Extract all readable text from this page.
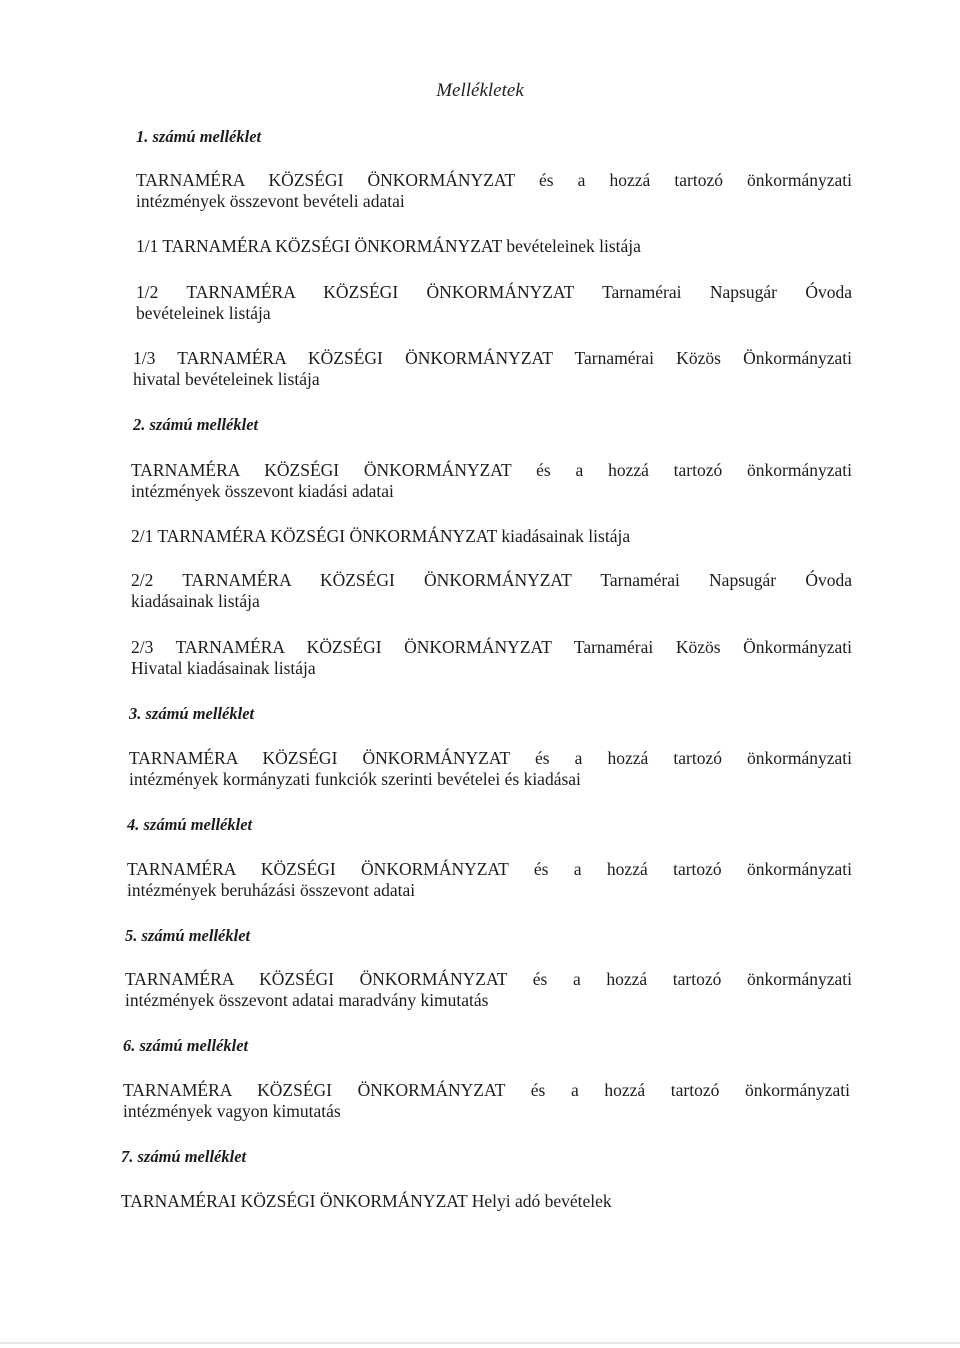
Mellékletek
1. számú melléklet
TARNAMÉRA KÖZSÉGI ÖNKORMÁNYZAT és a hozzá tartozó önkormányzati
intézmények összevont bevételi adatai
1/1 TARNAMÉRA KÖZSÉGI ÖNKORMÁNYZAT bevételeinek listája
1/2 TARNAMÉRA KÖZSÉGI ÖNKORMÁNYZAT Tarnamérai Napsugár Óvoda
bevételeinek listája
1/3 TARNAMÉRA KÖZSÉGI ÖNKORMÁNYZAT Tarnamérai Közös Önkormányzati
hivatal bevételeinek listája
2. számú melléklet
TARNAMÉRA KÖZSÉGI ÖNKORMÁNYZAT és a hozzá tartozó önkormányzati
intézmények összevont kiadási adatai
2/1 TARNAMÉRA KÖZSÉGI ÖNKORMÁNYZAT kiadásainak listája
2/2 TARNAMÉRA KÖZSÉGI ÖNKORMÁNYZAT Tarnamérai Napsugár Óvoda
kiadásainak listája
2/3 TARNAMÉRA KÖZSÉGI ÖNKORMÁNYZAT Tarnamérai Közös Önkormányzati
Hivatal kiadásainak listája
3. számú melléklet
TARNAMÉRA KÖZSÉGI ÖNKORMÁNYZAT és a hozzá tartozó önkormányzati
intézmények kormányzati funkciók szerinti bevételei és kiadásai
4. számú melléklet
TARNAMÉRA KÖZSÉGI ÖNKORMÁNYZAT és a hozzá tartozó önkormányzati
intézmények beruházási összevont adatai
5. számú melléklet
TARNAMÉRA KÖZSÉGI ÖNKORMÁNYZAT és a hozzá tartozó önkormányzati
intézmények összevont adatai maradvány kimutatás
6. számú melléklet
TARNAMÉRA KÖZSÉGI ÖNKORMÁNYZAT és a hozzá tartozó önkormányzati
intézmények vagyon kimutatás
7. számú melléklet
TARNAMÉRAI KÖZSÉGI ÖNKORMÁNYZAT Helyi adó bevételek
